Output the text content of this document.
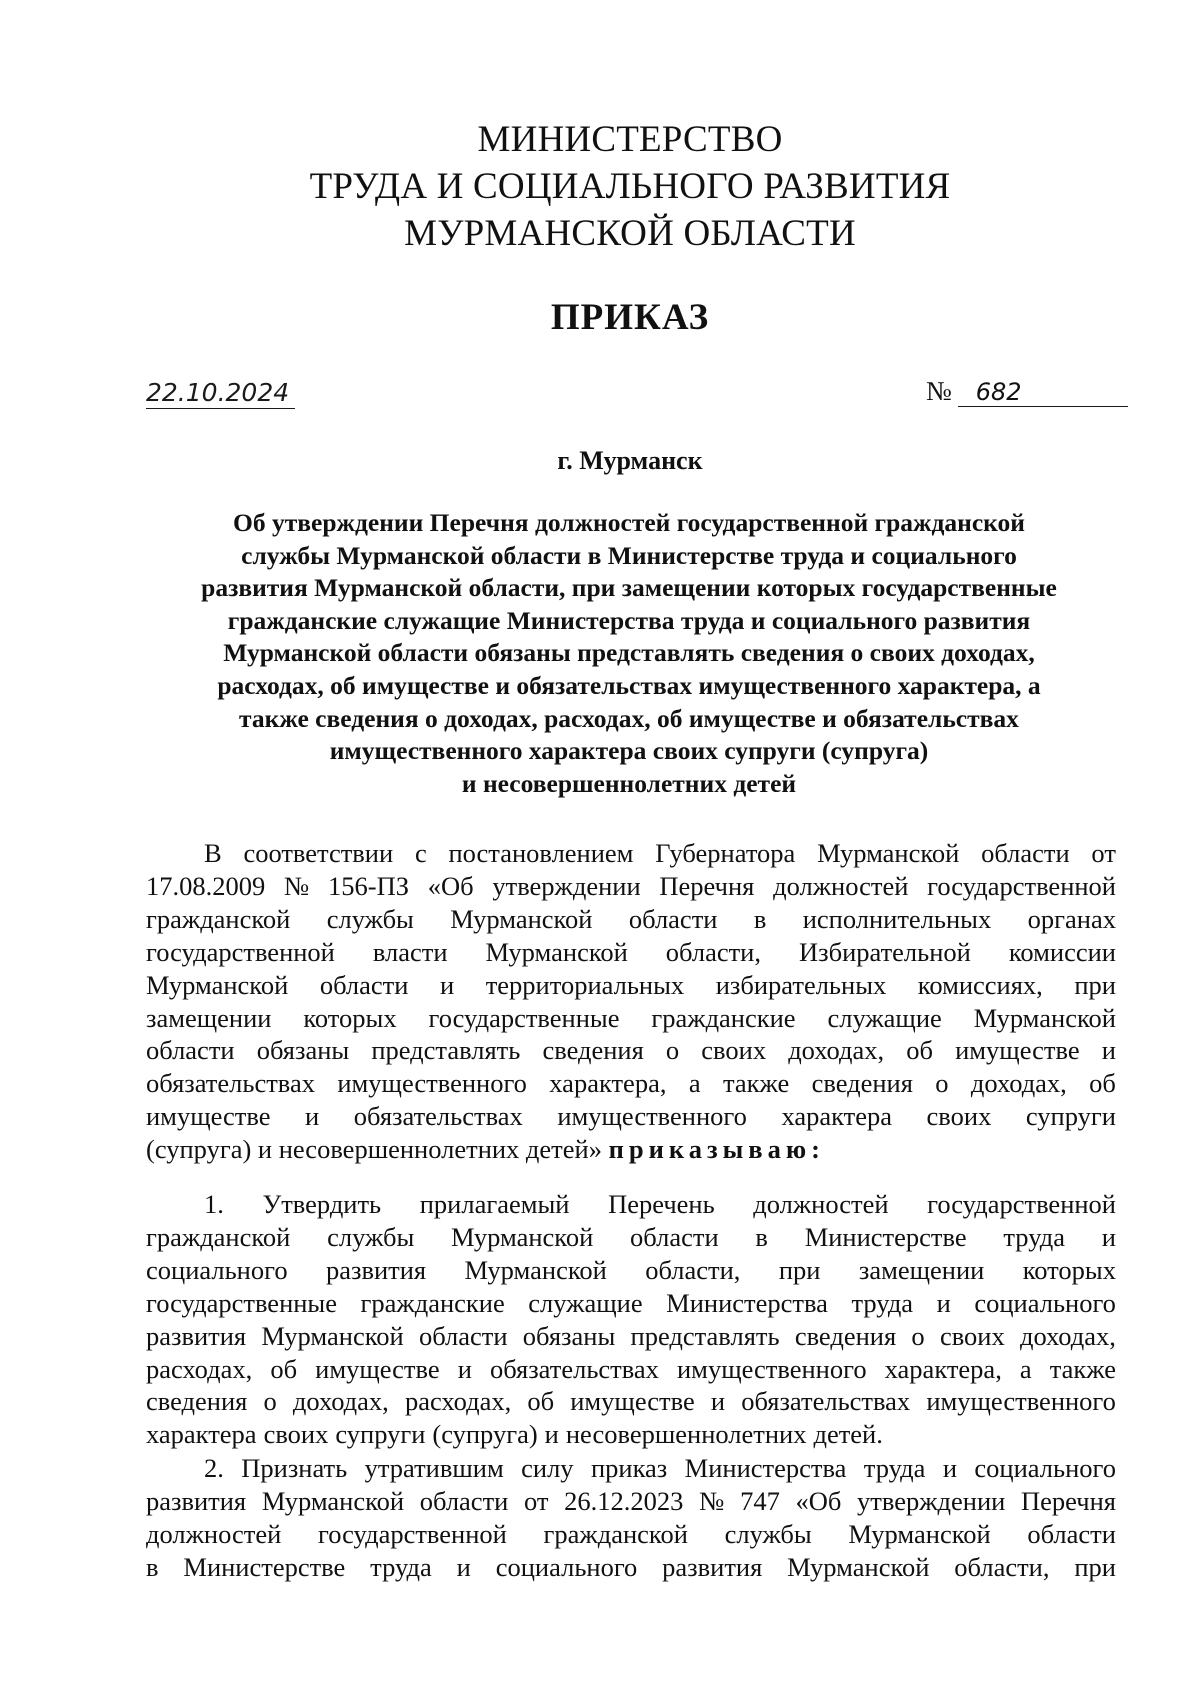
МИНИСТЕРСТВО
ТРУДА И СОЦИАЛЬНОГО РАЗВИТИЯ
МУРМАНСКОЙ ОБЛАСТИ
ПРИКАЗ
22.10.2024	№	682
г. Мурманск
Об утверждении Перечня должностей государственной гражданской
службы Мурманской области в Министерстве труда и социального
развития Мурманской области, при замещении которых государственные
гражданские служащие Министерства труда и социального развития
Мурманской области обязаны представлять сведения о своих доходах,
расходах, об имуществе и обязательствах имущественного характера, а
также сведения о доходах, расходах, об имуществе и обязательствах
имущественного характера своих супруги (супруга)
и несовершеннолетних детей
В соответствии с постановлением Губернатора Мурманской области от
17.08.2009 № 156-ПЗ «Об утверждении Перечня должностей государственной
гражданской службы Мурманской области в исполнительных органах
государственной власти Мурманской области, Избирательной комиссии
Мурманской области и территориальных избирательных комиссиях, при
замещении которых государственные гражданские служащие Мурманской
области обязаны представлять сведения о своих доходах, об имуществе и
обязательствах имущественного характера, а также сведения о доходах, об
имуществе и обязательствах имущественного характера своих супруги
(супруга) и несовершеннолетних детей»
приказываю:
1. Утвердить прилагаемый Перечень должностей государственной
гражданской службы Мурманской области в Министерстве труда и
социального развития Мурманской области, при замещении которых
государственные гражданские служащие Министерства труда и социального
развития Мурманской области обязаны представлять сведения о своих доходах,
расходах, об имуществе и обязательствах имущественного характера, а также
сведения о доходах, расходах, об имуществе и обязательствах имущественного
характера своих супруги (супруга) и несовершеннолетних детей.
2. Признать утратившим силу приказ Министерства труда и социального
развития Мурманской области от 26.12.2023 № 747 «Об утверждении Перечня
должностей государственной гражданской службы Мурманской области
в Министерстве труда и социального развития Мурманской области, при
